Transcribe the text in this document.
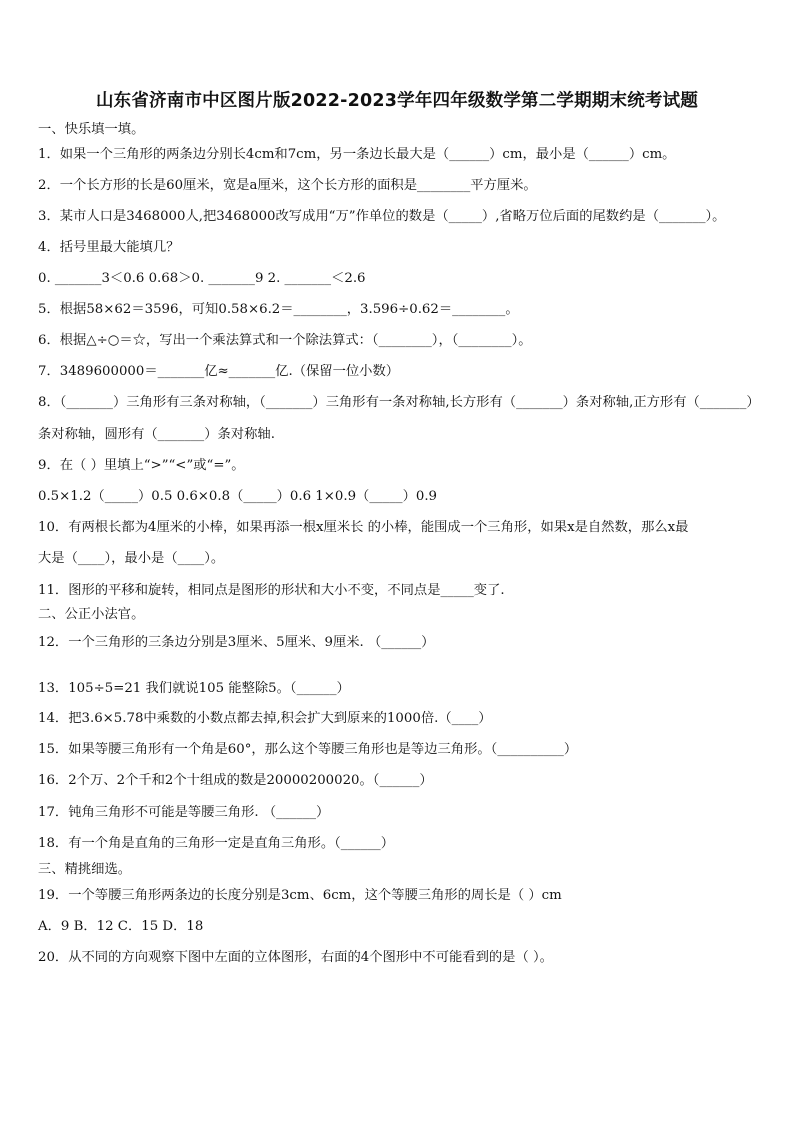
山东省济南市中区图片版2022-2023学年四年级数学第二学期期末统考试题
一、快乐填一填。
1．如果一个三角形的两条边分别长4cm和7cm，另一条边长最大是（______）cm，最小是（______）cm。
2．一个长方形的长是60厘米，宽是a厘米，这个长方形的面积是________平方厘米。
3．某市人口是3468000人,把3468000改写成用“万”作单位的数是（_____）,省略万位后面的尾数约是（_______）。
4．括号里最大能填几？
0. _______3＜0.6 0.68＞0. _______9 2. _______＜2.6
5．根据58×62＝3596，可知0.58×6.2＝________，3.596÷0.62＝________。
6．根据△÷○＝☆，写出一个乘法算式和一个除法算式：（________），（________）。
7．3489600000＝_______亿≈_______亿.（保留一位小数）
8．（_______）三角形有三条对称轴，（_______）三角形有一条对称轴,长方形有（_______）条对称轴,正方形有（_______）
条对称轴，圆形有（_______）条对称轴.
9．在（ ）里填上“>”“<”或“=”。
0.5×1.2（_____）0.5 0.6×0.8（_____）0.6 1×0.9（_____）0.9
10．有两根长都为4厘米的小棒，如果再添一根x厘米长 的小棒，能围成一个三角形，如果x是自然数，那么x最
大是（____），最小是（____）。
11．图形的平移和旋转，相同点是图形的形状和大小不变，不同点是_____变了.
二、公正小法官。
12．一个三角形的三条边分别是3厘米、5厘米、9厘米. （______）
13．105÷5=21 我们就说105 能整除5。（______）
14．把3.6×5.78中乘数的小数点都去掉,积会扩大到原来的1000倍.（____）
15．如果等腰三角形有一个角是60°，那么这个等腰三角形也是等边三角形。（__________）
16．2个万、2个千和2个十组成的数是20000200020。（______）
17．钝角三角形不可能是等腰三角形. （______）
18．有一个角是直角的三角形一定是直角三角形。（______）
三、精挑细选。
19．一个等腰三角形两条边的长度分别是3cm、6cm，这个等腰三角形的周长是（ ）cm
A．9 B．12 C．15 D．18
20．从不同的方向观察下图中左面的立体图形，右面的4个图形中不可能看到的是（ ）。
